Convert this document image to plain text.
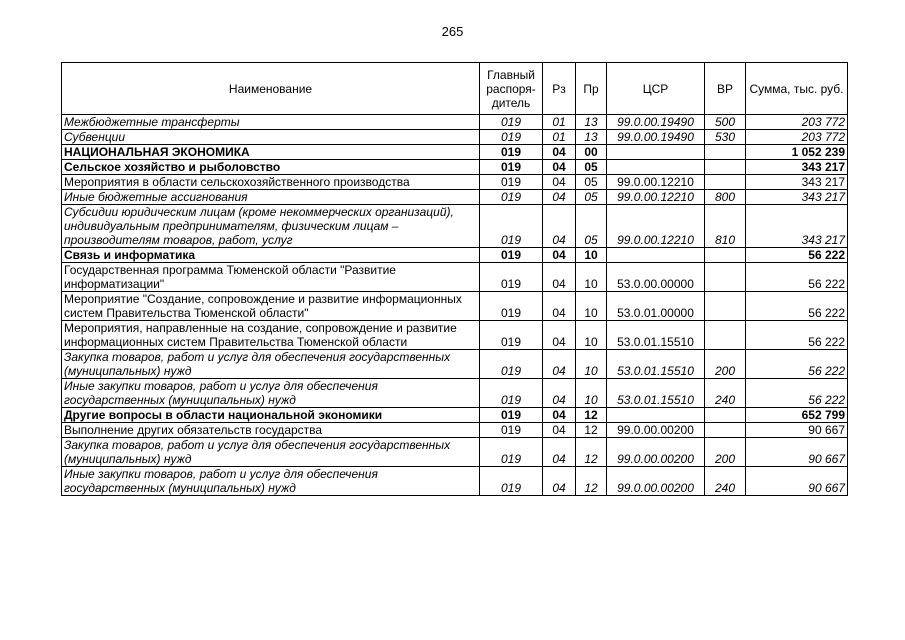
265
Наименование	Главный распоря-дитель	Рз	Пр	ЦСР	ВР	Сумма, тыс. руб.
Межбюджетные трансферты	019	01	13	99.0.00.19490	500	203 772
Субвенции	019	01	13	99.0.00.19490	530	203 772
НАЦИОНАЛЬНАЯ ЭКОНОМИКА	019	04	00			1 052 239
Сельское хозяйство и рыболовство	019	04	05			343 217
Мероприятия в области сельскохозяйственного производства	019	04	05	99.0.00.12210		343 217
Иные бюджетные ассигнования	019	04	05	99.0.00.12210	800	343 217
Субсидии юридическим лицам (кроме некоммерческих организаций), индивидуальным предпринимателям, физическим лицам – производителям товаров, работ, услуг	019	04	05	99.0.00.12210	810	343 217
Связь и информатика	019	04	10			56 222
Государственная программа Тюменской области "Развитие информатизации"	019	04	10	53.0.00.00000		56 222
Мероприятие "Создание, сопровождение и развитие информационных систем Правительства Тюменской области"	019	04	10	53.0.01.00000		56 222
Мероприятия, направленные на создание, сопровождение и развитие информационных систем Правительства Тюменской области	019	04	10	53.0.01.15510		56 222
Закупка товаров, работ и услуг для обеспечения государственных (муниципальных) нужд	019	04	10	53.0.01.15510	200	56 222
Иные закупки товаров, работ и услуг для обеспечения государственных (муниципальных) нужд	019	04	10	53.0.01.15510	240	56 222
Другие вопросы в области национальной экономики	019	04	12			652 799
Выполнение других обязательств государства	019	04	12	99.0.00.00200		90 667
Закупка товаров, работ и услуг для обеспечения государственных (муниципальных) нужд	019	04	12	99.0.00.00200	200	90 667
Иные закупки товаров, работ и услуг для обеспечения государственных (муниципальных) нужд	019	04	12	99.0.00.00200	240	90 667
